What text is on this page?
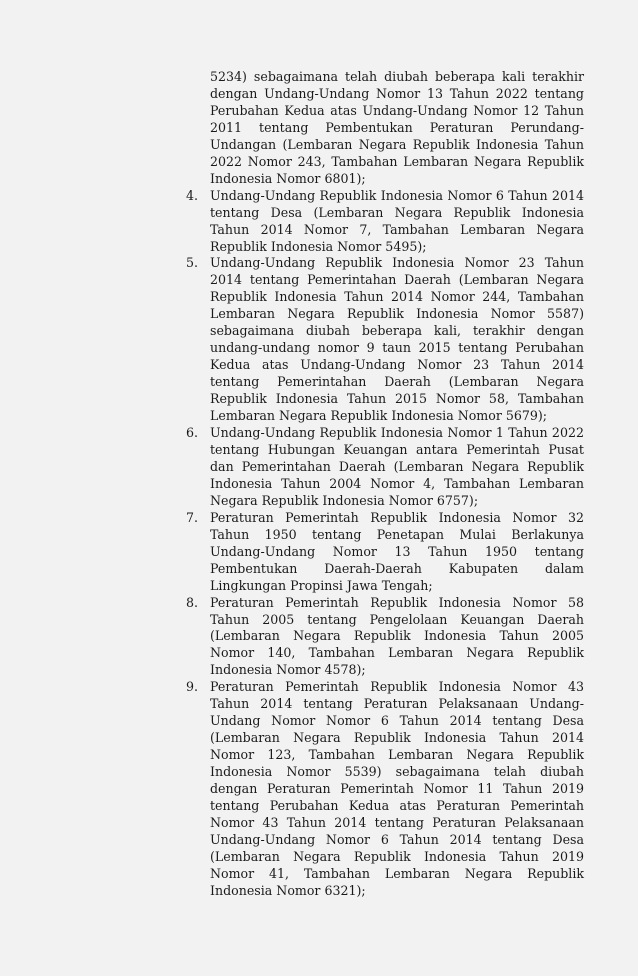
5234) sebagaimana telah diubah beberapa kali terakhir dengan Undang-Undang Nomor 13 Tahun 2022 tentang Perubahan Kedua atas Undang-Undang Nomor 12 Tahun 2011 tentang Pembentukan Peraturan Perundang-Undangan (Lembaran Negara Republik Indonesia Tahun 2022 Nomor 243, Tambahan Lembaran Negara Republik Indonesia Nomor 6801);
4. Undang-Undang Republik Indonesia Nomor 6 Tahun 2014 tentang Desa (Lembaran Negara Republik Indonesia Tahun 2014 Nomor 7, Tambahan Lembaran Negara Republik Indonesia Nomor 5495);
5. Undang-Undang Republik Indonesia Nomor 23 Tahun 2014 tentang Pemerintahan Daerah (Lembaran Negara Republik Indonesia Tahun 2014 Nomor 244, Tambahan Lembaran Negara Republik Indonesia Nomor 5587) sebagaimana diubah beberapa kali, terakhir dengan undang-undang nomor 9 taun 2015 tentang Perubahan Kedua atas Undang-Undang Nomor 23 Tahun 2014 tentang Pemerintahan Daerah (Lembaran Negara Republik Indonesia Tahun 2015 Nomor 58, Tambahan Lembaran Negara Republik Indonesia Nomor 5679);
6. Undang-Undang Republik Indonesia Nomor 1 Tahun 2022 tentang Hubungan Keuangan antara Pemerintah Pusat dan Pemerintahan Daerah (Lembaran Negara Republik Indonesia Tahun 2004 Nomor 4, Tambahan Lembaran Negara Republik Indonesia Nomor 6757);
7. Peraturan Pemerintah Republik Indonesia Nomor 32 Tahun 1950 tentang Penetapan Mulai Berlakunya Undang-Undang Nomor 13 Tahun 1950 tentang Pembentukan Daerah-Daerah Kabupaten dalam Lingkungan Propinsi Jawa Tengah;
8. Peraturan Pemerintah Republik Indonesia Nomor 58 Tahun 2005 tentang Pengelolaan Keuangan Daerah (Lembaran Negara Republik Indonesia Tahun 2005 Nomor 140, Tambahan Lembaran Negara Republik Indonesia Nomor 4578);
9. Peraturan Pemerintah Republik Indonesia Nomor 43 Tahun 2014 tentang Peraturan Pelaksanaan Undang-Undang Nomor Nomor 6 Tahun 2014 tentang Desa (Lembaran Negara Republik Indonesia Tahun 2014 Nomor 123, Tambahan Lembaran Negara Republik Indonesia Nomor 5539) sebagaimana telah diubah dengan Peraturan Pemerintah Nomor 11 Tahun 2019 tentang Perubahan Kedua atas Peraturan Pemerintah Nomor 43 Tahun 2014 tentang Peraturan Pelaksanaan Undang-Undang Nomor 6 Tahun 2014 tentang Desa (Lembaran Negara Republik Indonesia Tahun 2019 Nomor 41, Tambahan Lembaran Negara Republik Indonesia Nomor 6321);
